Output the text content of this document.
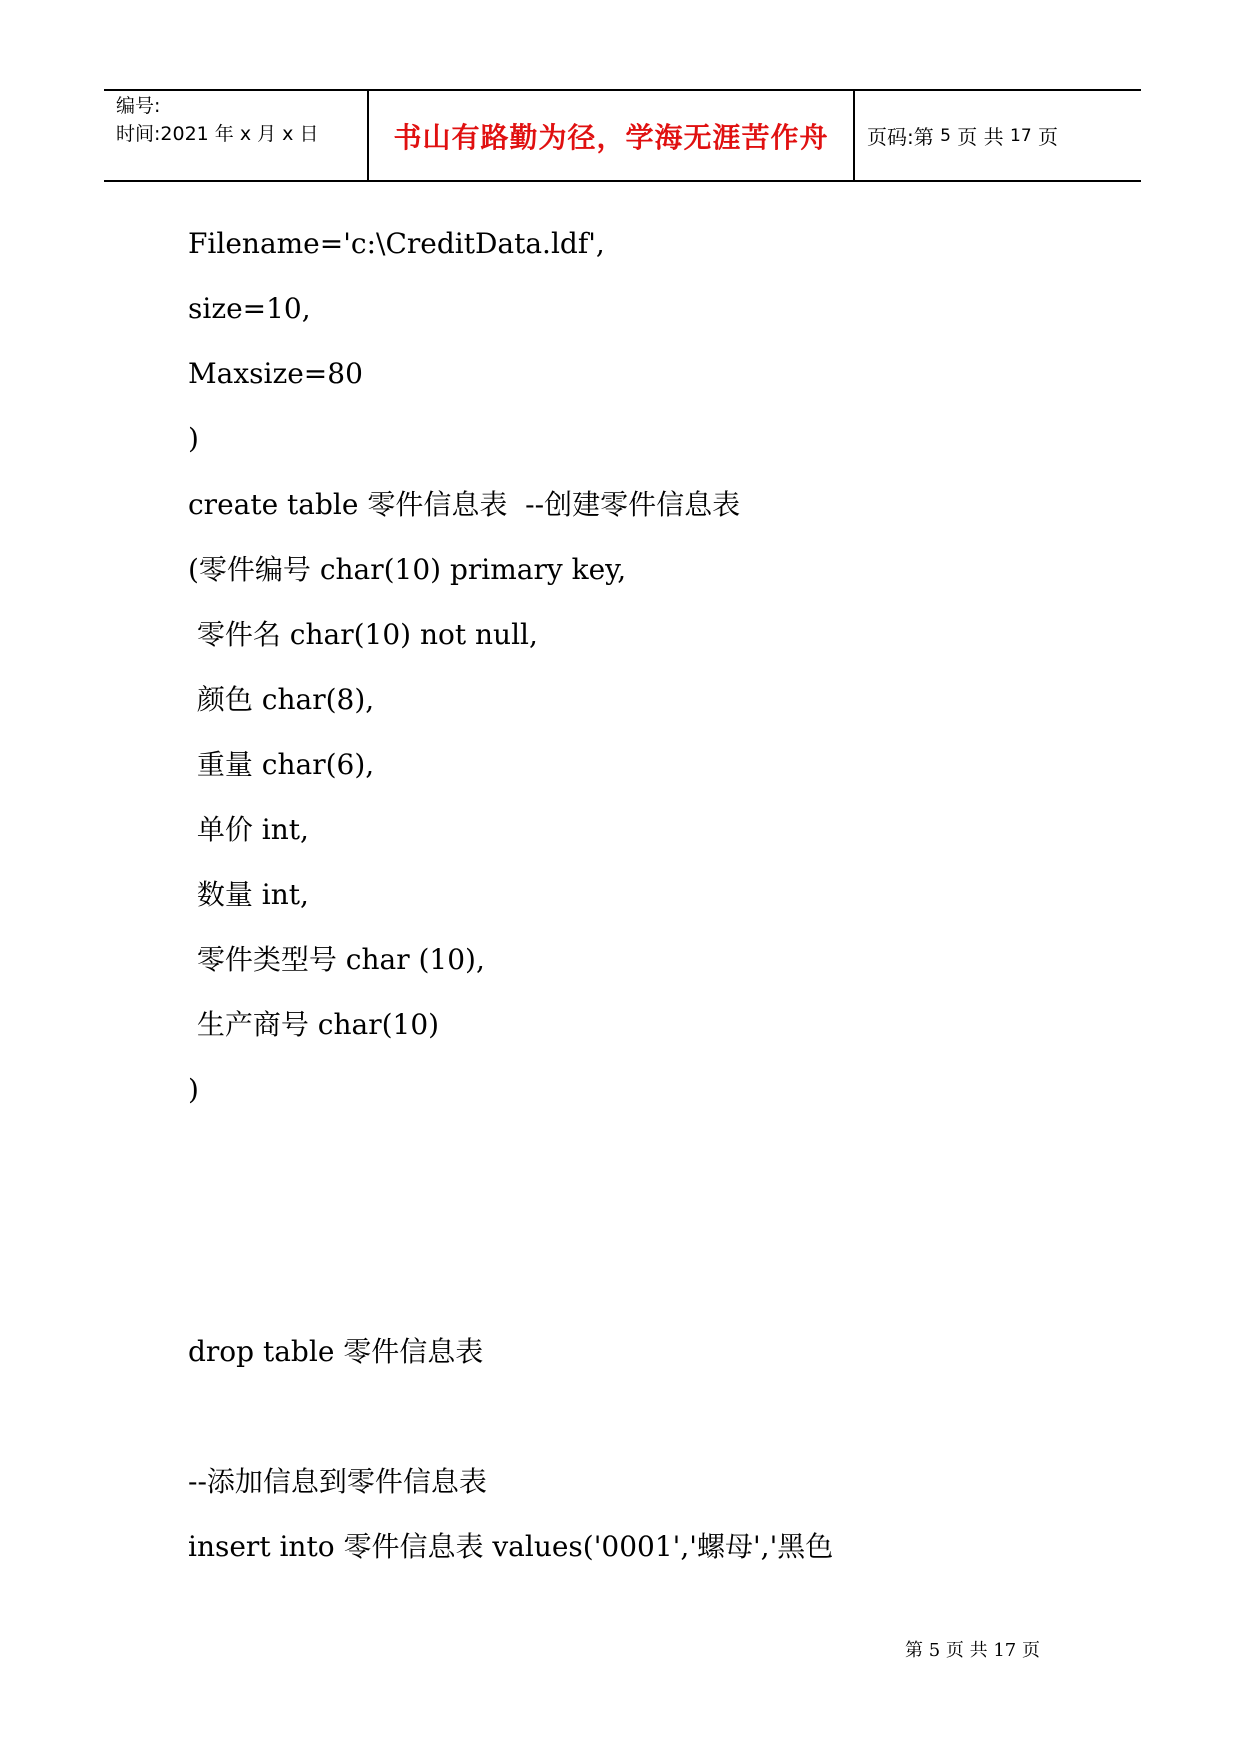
编号:
时间:2021 年 x 月 x 日	书山有路勤为径，学海无涯苦作舟	页码: 第
5
页 共
17
页
Filename='c:\CreditData.ldf',
size=10,
Maxsize=80
)
create table 零件信息表  --创建零件信息表
(零件编号 char(10) primary key,
零件名 char(10) not null,
颜色 char(8),
重量 char(6),
单价 int,
数量 int,
零件类型号 char (10),
生产商号 char(10)
)
drop table 零件信息表
--添加信息到零件信息表
insert into 零件信息表 values('0001','螺母','黑色
第 5 页 共 17 页
